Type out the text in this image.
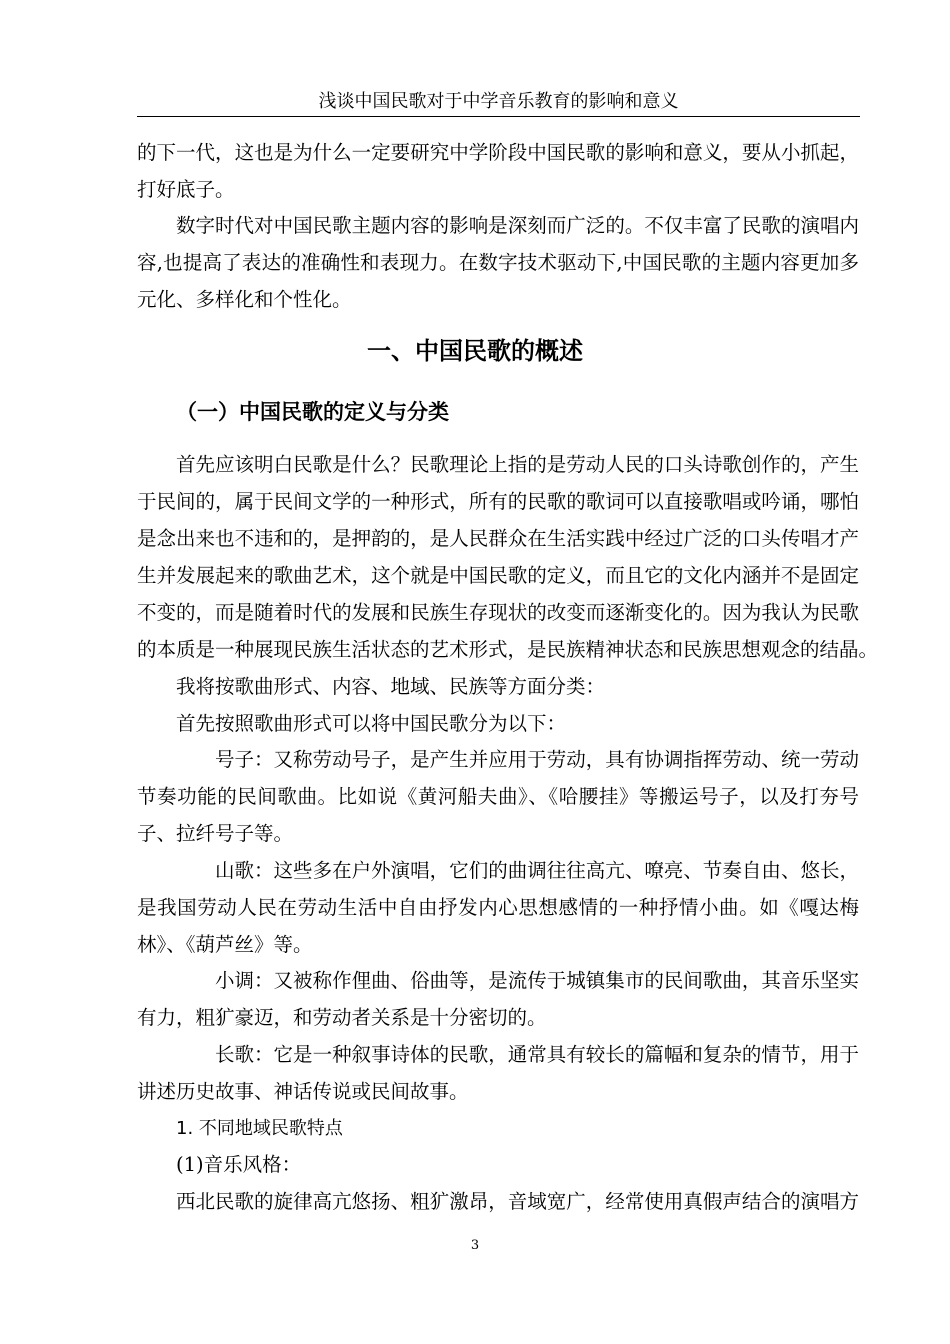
浅谈中国民歌对于中学音乐教育的影响和意义
的下一代，这也是为什么一定要研究中学阶段中国民歌的影响和意义，要从小抓起，
打好底子。
数字时代对中国民歌主题内容的影响是深刻而广泛的。不仅丰富了民歌的演唱内
容,也提高了表达的准确性和表现力。在数字技术驱动下,中国民歌的主题内容更加多
元化、多样化和个性化。
一、中国民歌的概述
（一）中国民歌的定义与分类
首先应该明白民歌是什么？民歌理论上指的是劳动人民的口头诗歌创作的，产生
于民间的，属于民间文学的一种形式，所有的民歌的歌词可以直接歌唱或吟诵，哪怕
是念出来也不违和的，是押韵的，是人民群众在生活实践中经过广泛的口头传唱才产
生并发展起来的歌曲艺术，这个就是中国民歌的定义，而且它的文化内涵并不是固定
不变的，而是随着时代的发展和民族生存现状的改变而逐渐变化的。因为我认为民歌
的本质是一种展现民族生活状态的艺术形式，是民族精神状态和民族思想观念的结晶。
我将按歌曲形式、内容、地域、民族等方面分类：
首先按照歌曲形式可以将中国民歌分为以下：
号子：又称劳动号子，是产生并应用于劳动，具有协调指挥劳动、统一劳动
节奏功能的民间歌曲。比如说《黄河船夫曲》、《哈腰挂》等搬运号子，以及打夯号
子、拉纤号子等。
山歌：这些多在户外演唱，它们的曲调往往高亢、嘹亮、节奏自由、悠长，
是我国劳动人民在劳动生活中自由抒发内心思想感情的一种抒情小曲。如《嘎达梅
林》、《葫芦丝》等。
小调：又被称作俚曲、俗曲等，是流传于城镇集市的民间歌曲，其音乐坚实
有力，粗犷豪迈，和劳动者关系是十分密切的。
长歌：它是一种叙事诗体的民歌，通常具有较长的篇幅和复杂的情节，用于
讲述历史故事、神话传说或民间故事。
1. 不同地域民歌特点
(1)音乐风格：
西北民歌的旋律高亢悠扬、粗犷激昂，音域宽广，经常使用真假声结合的演唱方
3
